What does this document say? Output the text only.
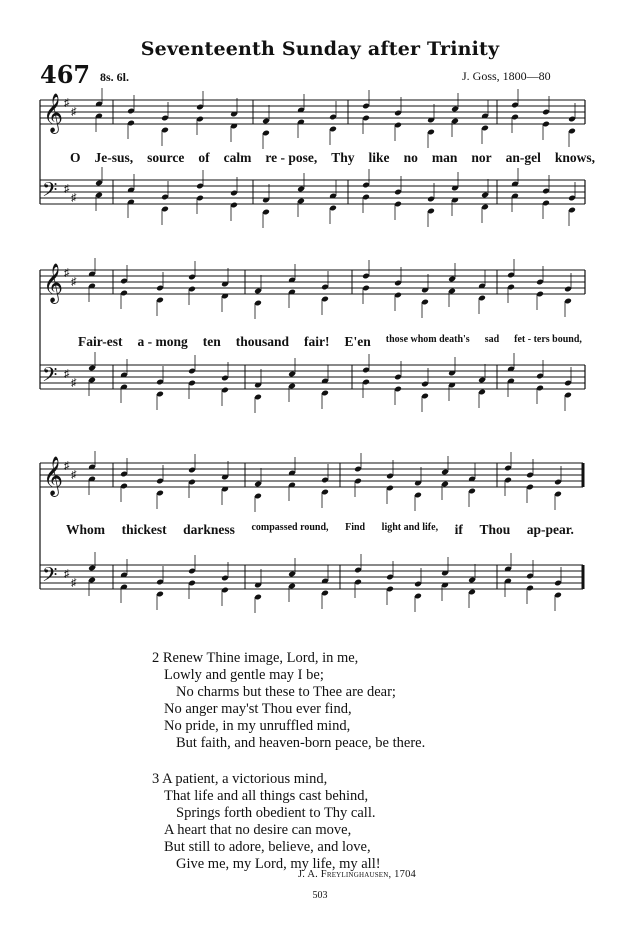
Seventeenth Sunday after Trinity
467 8s. 6l.	J. Goss, 1800—80
𝄞
𝄢
♯
♯
♯
♯
O Je-sus, source of calm re - pose, Thy like no man nor an-gel knows,
𝄞
𝄢
♯
♯
♯
♯
Fair-est a - mong ten thousand fair! E'en those whom death's sad fet - ters bound,
𝄞
𝄢
♯
♯
♯
♯
Whom thickest darkness compassed round, Find light and life, if Thou ap-pear.
2 Renew Thine image, Lord, in me,
Lowly and gentle may I be;
No charms but these to Thee are dear;
No anger may'st Thou ever find,
No pride, in my unruffled mind,
But faith, and heaven-born peace, be there.
3 A patient, a victorious mind,
That life and all things cast behind,
Springs forth obedient to Thy call.
A heart that no desire can move,
But still to adore, believe, and love,
Give me, my Lord, my life, my all!
J. A. Freylinghausen, 1704
503
